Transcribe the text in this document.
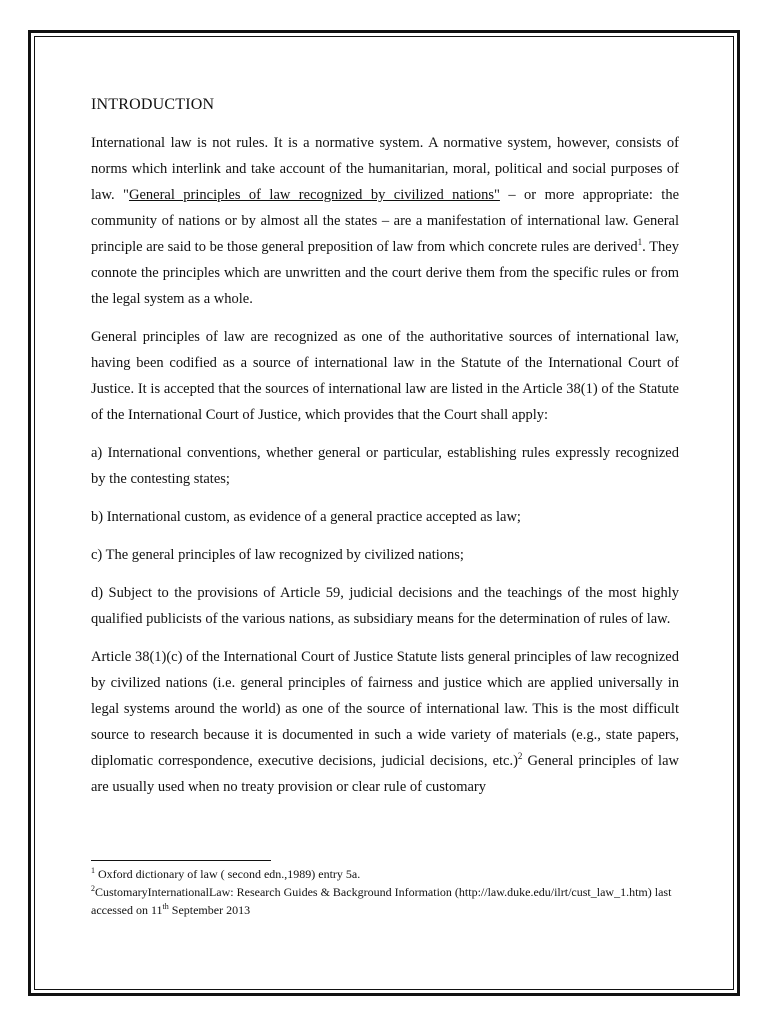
INTRODUCTION

International law is not rules. It is a normative system. A normative system, however, consists of norms which interlink and take account of the humanitarian, moral, political and social purposes of law. "General principles of law recognized by civilized nations" – or more appropriate: the community of nations or by almost all the states – are a manifestation of international law. General principle are said to be those general preposition of law from which concrete rules are derived$^1$. They connote the principles which are unwritten and the court derive them from the specific rules or from the legal system as a whole.

General principles of law are recognized as one of the authoritative sources of international law, having been codified as a source of international law in the Statute of the International Court of Justice. It is accepted that the sources of international law are listed in the Article 38(1) of the Statute of the International Court of Justice, which provides that the Court shall apply:

a) International conventions, whether general or particular, establishing rules expressly recognized by the contesting states;

b) International custom, as evidence of a general practice accepted as law;

c) The general principles of law recognized by civilized nations;

d) Subject to the provisions of Article 59, judicial decisions and the teachings of the most highly qualified publicists of the various nations, as subsidiary means for the determination of rules of law.

Article 38(1)(c) of the International Court of Justice Statute lists general principles of law recognized by civilized nations (i.e. general principles of fairness and justice which are applied universally in legal systems around the world) as one of the source of international law. This is the most difficult source to research because it is documented in such a wide variety of materials (e.g., state papers, diplomatic correspondence, executive decisions, judicial decisions, etc.)$^2$ General principles of law are usually used when no treaty provision or clear rule of customary

$^1$ Oxford dictionary of law ( second edn.,1989) entry 5a.

$^2$CustomaryInternationalLaw: Research Guides & Background Information (http://law.duke.edu/ilrt/cust_law_1.htm) last accessed on 11th September 2013
